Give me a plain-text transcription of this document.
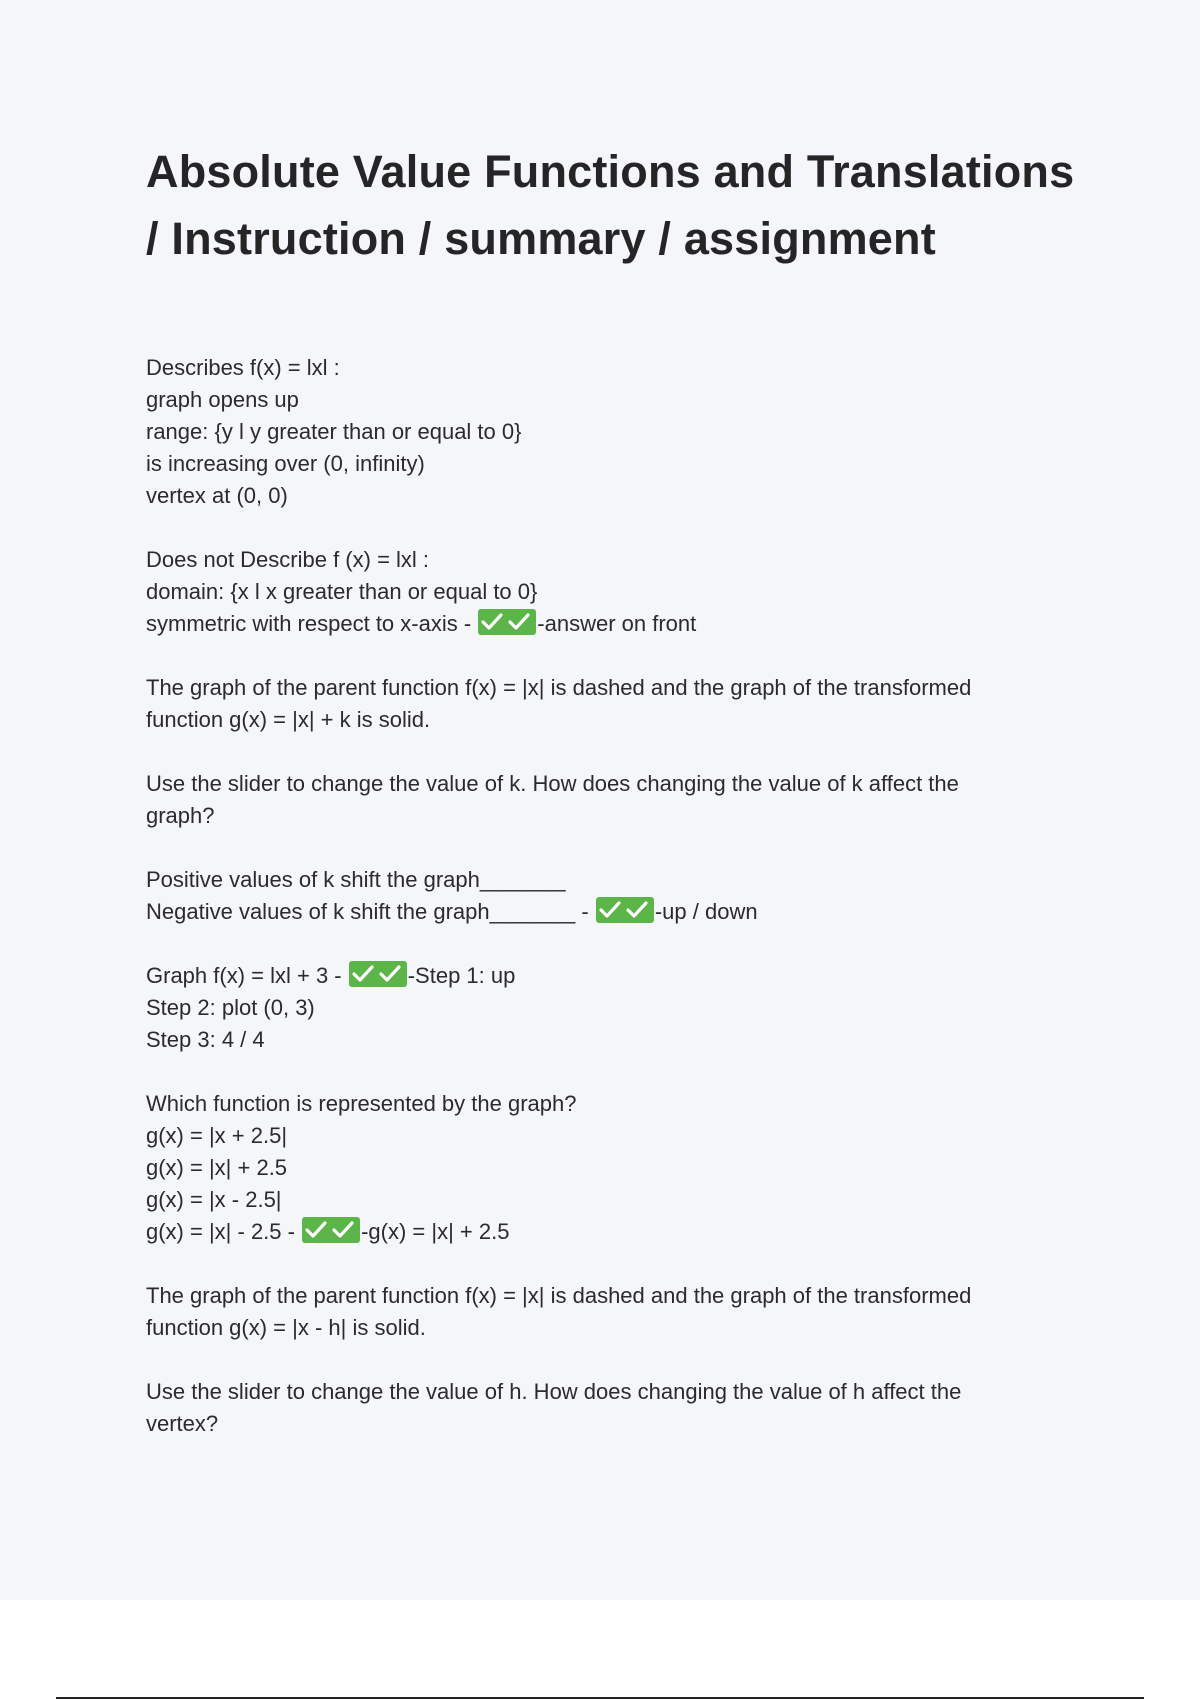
Absolute Value Functions and Translations / Instruction / summary / assignment
Describes f(x) = lxl :
graph opens up
range: {y l y greater than or equal to 0}
is increasing over (0, infinity)
vertex at (0, 0)
Does not Describe f (x) = lxl :
domain: {x l x greater than or equal to 0}
symmetric with respect to x-axis -	-answer on front
The graph of the parent function f(x) = |x| is dashed and the graph of the transformed
function g(x) = |x| + k is solid.
Use the slider to change the value of k. How does changing the value of k affect the
graph?
Positive values of k shift the graph_______
Negative values of k shift the graph_______ -	-up / down
Graph f(x) = lxl + 3 -	-Step 1: up
Step 2: plot (0, 3)
Step 3: 4 / 4
Which function is represented by the graph?
g(x) = |x + 2.5|
g(x) = |x| + 2.5
g(x) = |x - 2.5|
g(x) = |x| - 2.5 -	-g(x) = |x| + 2.5
The graph of the parent function f(x) = |x| is dashed and the graph of the transformed
function g(x) = |x - h| is solid.
Use the slider to change the value of h. How does changing the value of h affect the
vertex?
